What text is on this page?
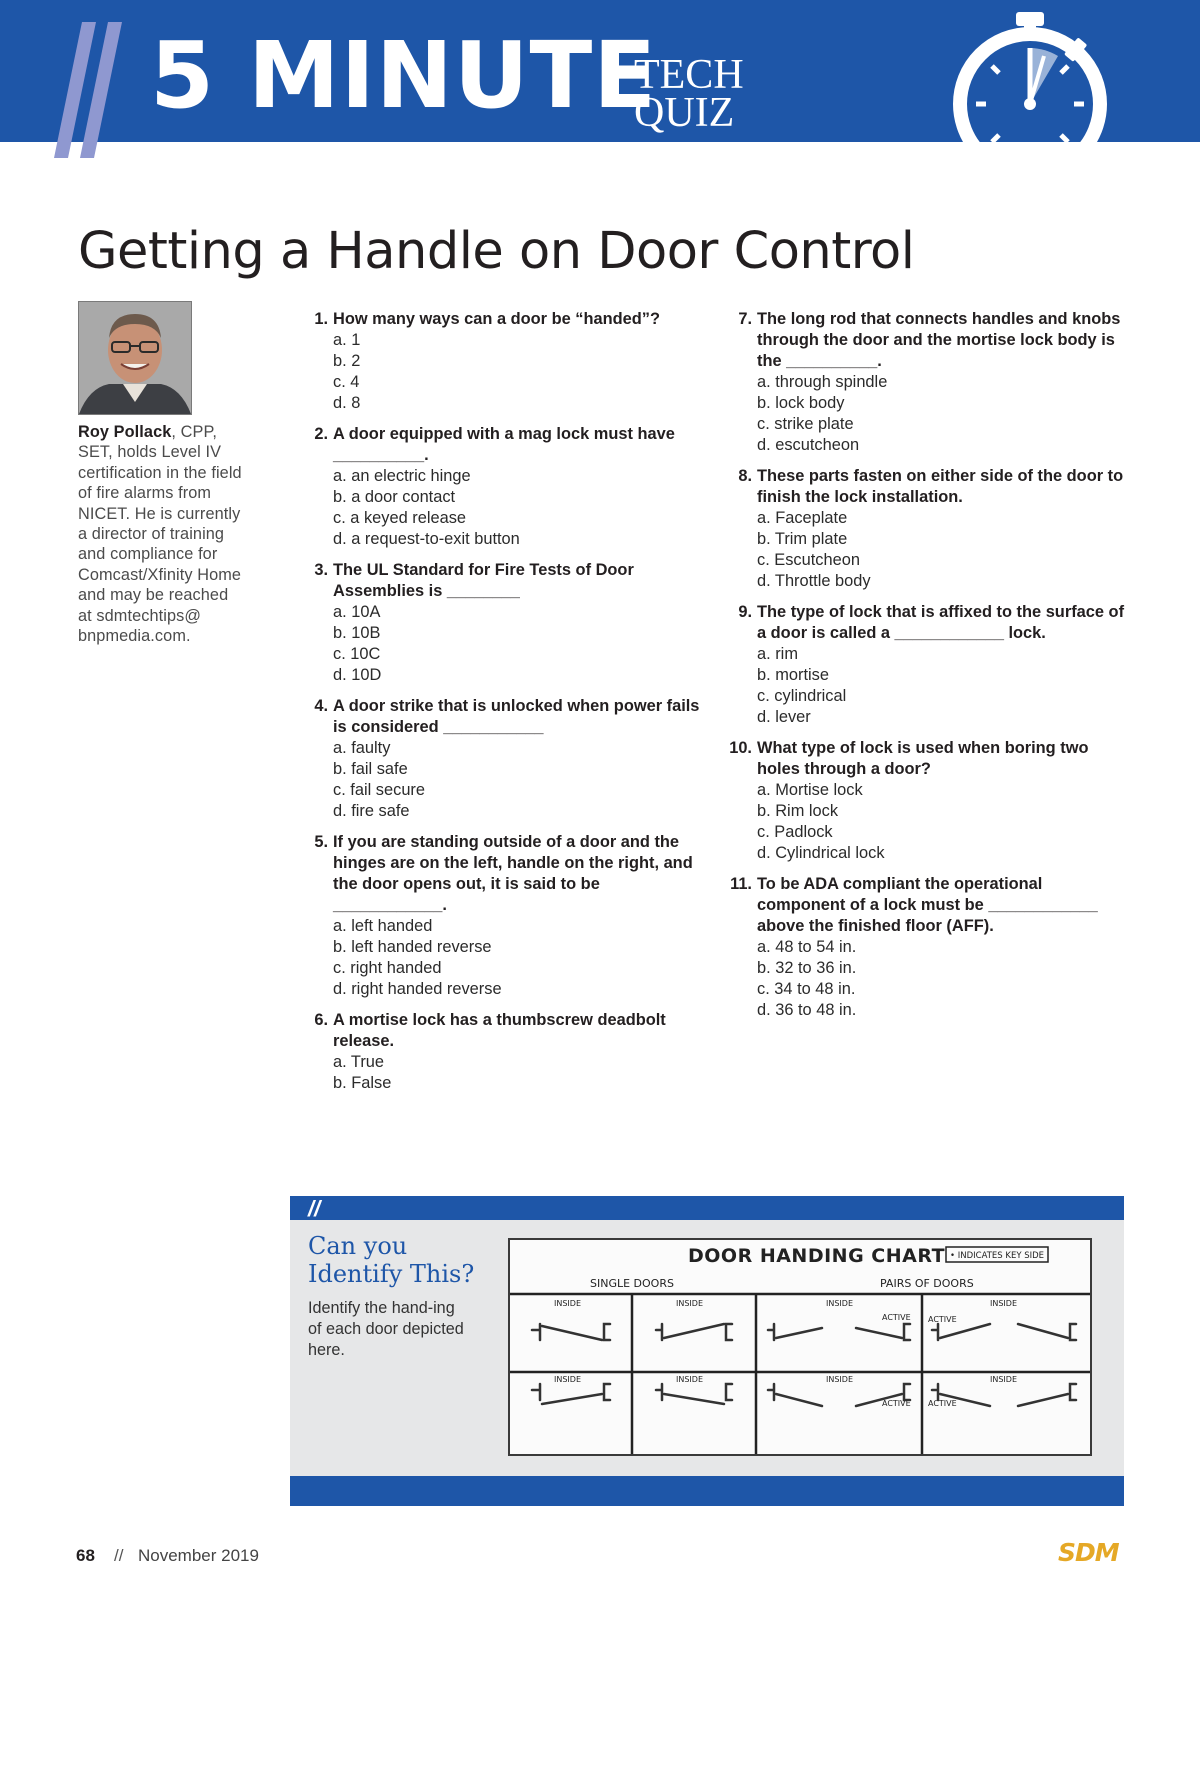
5 MINUTE
TECH
QUIZ
Getting a Handle on Door Control
Roy Pollack, CPP, SET, holds Level IV certification in the field of fire alarms from NICET. He is currently a director of training and compliance for Comcast/Xfinity Home and may be reached at sdmtechtips@ bnpmedia.com.
1. How many ways can a door be “handed”?
a. 1
b. 2
c. 4
d. 8
2. A door equipped with a mag lock must have __________.
a. an electric hinge
b. a door contact
c. a keyed release
d. a request-to-exit button
3. The UL Standard for Fire Tests of Door Assemblies is ________
a. 10A
b. 10B
c. 10C
d. 10D
4. A door strike that is unlocked when power fails is considered ___________
a. faulty
b. fail safe
c. fail secure
d. fire safe
5. If you are standing outside of a door and the hinges are on the left, handle on the right, and the door opens out, it is said to be ____________.
a. left handed
b. left handed reverse
c. right handed
d. right handed reverse
6. A mortise lock has a thumbscrew deadbolt release.
a. True
b. False
7. The long rod that connects handles and knobs through the door and the mortise lock body is the __________.
a. through spindle
b. lock body
c. strike plate
d. escutcheon
8. These parts fasten on either side of the door to finish the lock installation.
a. Faceplate
b. Trim plate
c. Escutcheon
d. Throttle body
9. The type of lock that is affixed to the surface of a door is called a ____________ lock.
a. rim
b. mortise
c. cylindrical
d. lever
10. What type of lock is used when boring two holes through a door?
a. Mortise lock
b. Rim lock
c. Padlock
d. Cylindrical lock
11. To be ADA compliant the operational component of a lock must be ____________ above the finished floor (AFF).
a. 48 to 54 in.
b. 32 to 36 in.
c. 34 to 48 in.
d. 36 to 48 in.
//
Can you
Identify This?
Identify the hand-ing of each door depicted here.
DOOR HANDING CHART • INDICATES KEY SIDE
SINGLE DOORS	PAIRS OF DOORS
INSIDE	INSIDE	INSIDE
ACTIVE ACTIVE
INSIDE
INSIDE	INSIDE	INSIDE
ACTIVE ACTIVE
INSIDE
ANSWERS ON PAGE 80.
68 // November 2019	SDM
